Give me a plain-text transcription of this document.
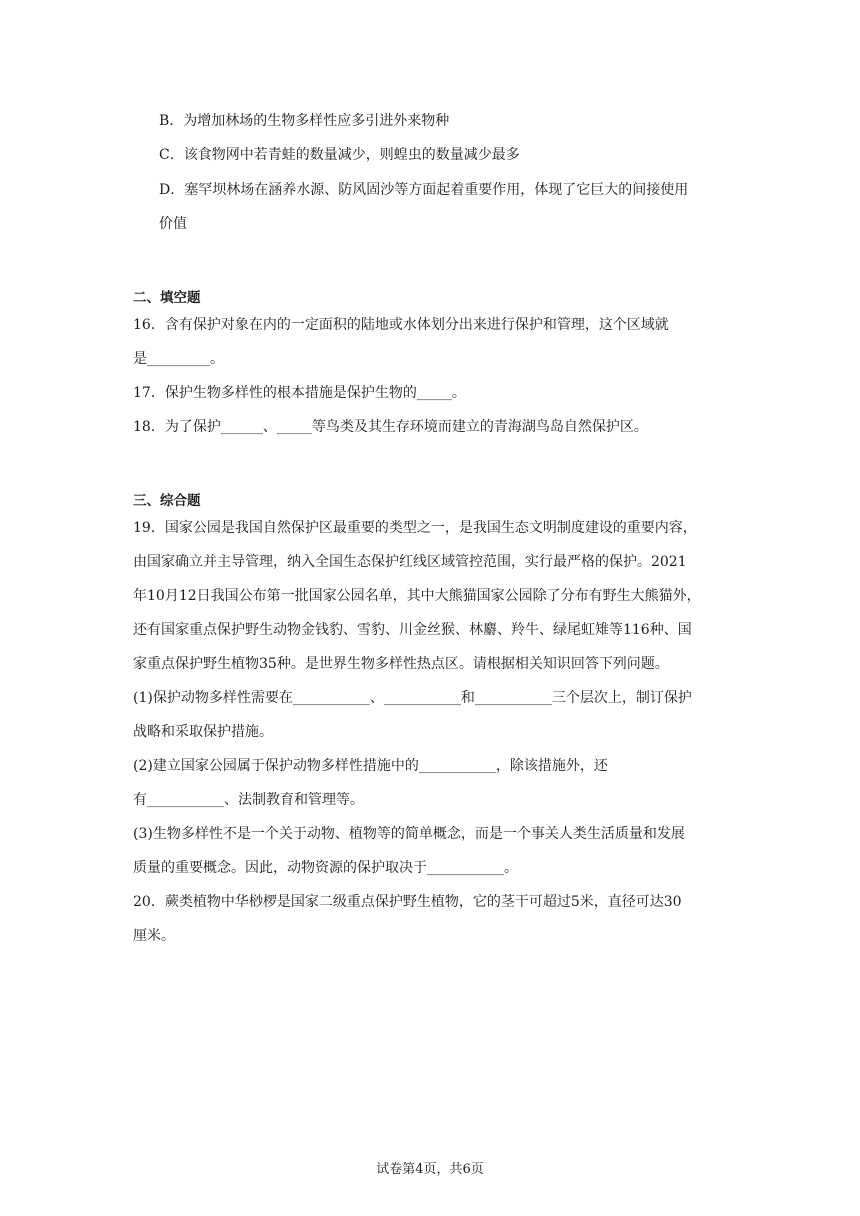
B．为增加林场的生物多样性应多引进外来物种
C．该食物网中若青蛙的数量减少，则蝗虫的数量减少最多
D．塞罕坝林场在涵养水源、防风固沙等方面起着重要作用，体现了它巨大的间接使用
价值
二、填空题
16．含有保护对象在内的一定面积的陆地或水体划分出来进行保护和管理，这个区域就
是_________。
17．保护生物多样性的根本措施是保护生物的_____。
18．为了保护______、_____等鸟类及其生存环境而建立的青海湖鸟岛自然保护区。
三、综合题
19．国家公园是我国自然保护区最重要的类型之一，是我国生态文明制度建设的重要内容，
由国家确立并主导管理，纳入全国生态保护红线区域管控范围，实行最严格的保护。2021
年10月12日我国公布第一批国家公园名单，其中大熊猫国家公园除了分布有野生大熊猫外，
还有国家重点保护野生动物金钱豹、雪豹、川金丝猴、林麝、羚牛、绿尾虹雉等116种、国
家重点保护野生植物35种。是世界生物多样性热点区。请根据相关知识回答下列问题。
(1)保护动物多样性需要在___________、___________和___________三个层次上，制订保护
战略和采取保护措施。
(2)建立国家公园属于保护动物多样性措施中的___________，除该措施外，还
有___________、法制教育和管理等。
(3)生物多样性不是一个关于动物、植物等的简单概念，而是一个事关人类生活质量和发展
质量的重要概念。因此，动物资源的保护取决于___________。
20．蕨类植物中华桫椤是国家二级重点保护野生植物，它的茎干可超过5米，直径可达30
厘米。
试卷第4页，共6页
